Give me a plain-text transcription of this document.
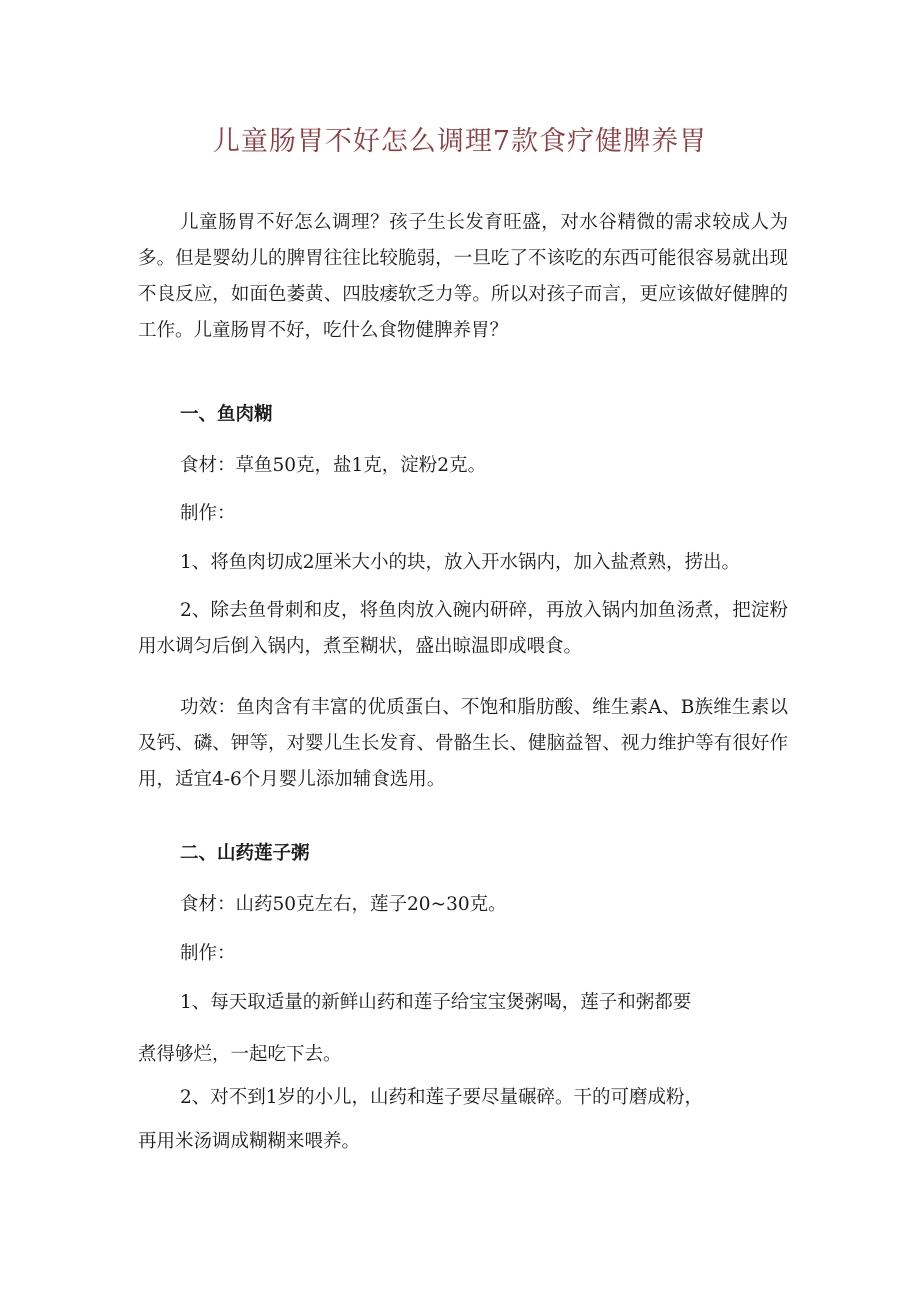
儿童肠胃不好怎么调理7款食疗健脾养胃

儿童肠胃不好怎么调理？孩子生长发育旺盛，对水谷精微的需求较成人为多。但是婴幼儿的脾胃往往比较脆弱，一旦吃了不该吃的东西可能很容易就出现不良反应，如面色萎黄、四肢痿软乏力等。所以对孩子而言，更应该做好健脾的工作。儿童肠胃不好，吃什么食物健脾养胃？

一、鱼肉糊
食材：草鱼50克，盐1克，淀粉2克。
制作：
1、将鱼肉切成2厘米大小的块，放入开水锅内，加入盐煮熟，捞出。

2、除去鱼骨刺和皮，将鱼肉放入碗内研碎，再放入锅内加鱼汤煮，把淀粉用水调匀后倒入锅内，煮至糊状，盛出晾温即成喂食。

功效：鱼肉含有丰富的优质蛋白、不饱和脂肪酸、维生素A、B族维生素以及钙、磷、钾等，对婴儿生长发育、骨骼生长、健脑益智、视力维护等有很好作用，适宜4-6个月婴儿添加辅食选用。

二、山药莲子粥
食材：山药50克左右，莲子20~30克。
制作：
1、每天取适量的新鲜山药和莲子给宝宝煲粥喝，莲子和粥都要
煮得够烂，一起吃下去。
2、对不到1岁的小儿，山药和莲子要尽量碾碎。干的可磨成粉，
再用米汤调成糊糊来喂养。
